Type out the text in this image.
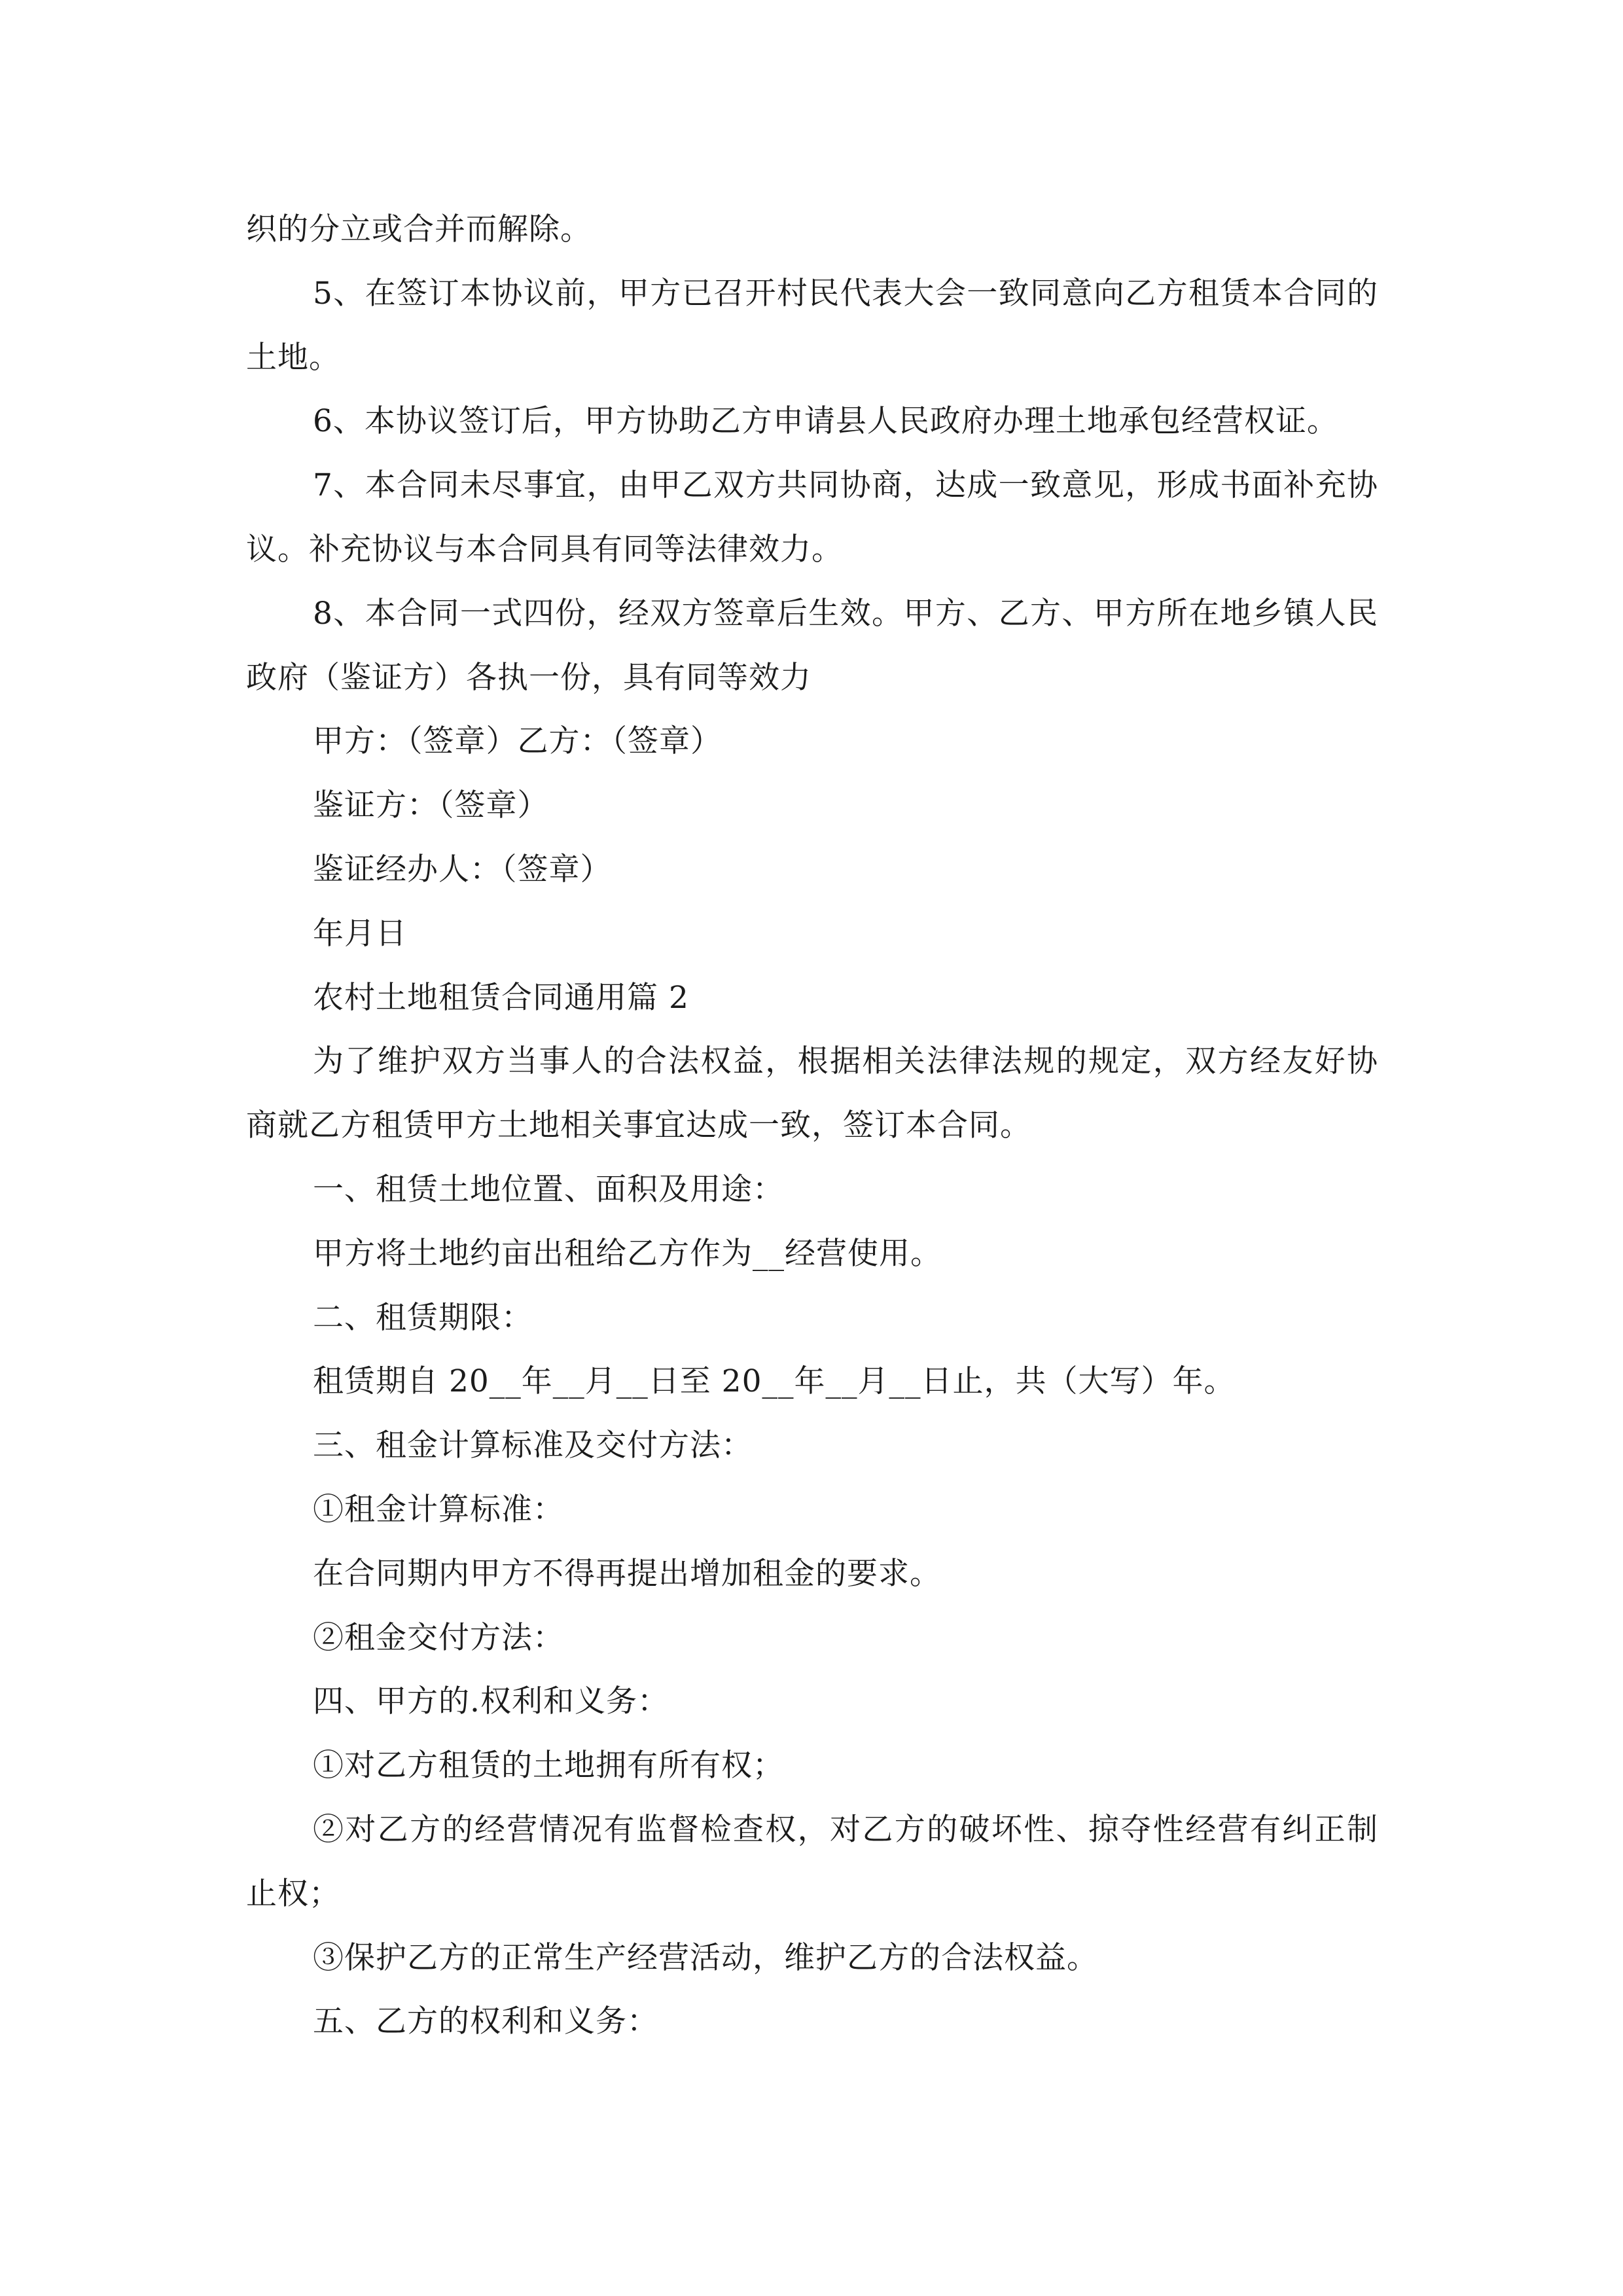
织的分立或合并而解除。

5、在签订本协议前，甲方已召开村民代表大会一致同意向乙方租赁本合同的土地。

6、本协议签订后，甲方协助乙方申请县人民政府办理土地承包经营权证。

7、本合同未尽事宜，由甲乙双方共同协商，达成一致意见，形成书面补充协议。补充协议与本合同具有同等法律效力。

8、本合同一式四份，经双方签章后生效。甲方、乙方、甲方所在地乡镇人民政府（鉴证方）各执一份，具有同等效力

甲方：（签章）乙方：（签章）

鉴证方：（签章）

鉴证经办人：（签章）

年月日

农村土地租赁合同通用篇 2

为了维护双方当事人的合法权益，根据相关法律法规的规定，双方经友好协商就乙方租赁甲方土地相关事宜达成一致，签订本合同。

一、租赁土地位置、面积及用途：

甲方将土地约亩出租给乙方作为__经营使用。

二、租赁期限：

租赁期自 20__年__月__日至 20__年__月__日止，共（大写）年。

三、租金计算标准及交付方法：

①租金计算标准：

在合同期内甲方不得再提出增加租金的要求。

②租金交付方法：

四、甲方的.权利和义务：

①对乙方租赁的土地拥有所有权；

②对乙方的经营情况有监督检查权，对乙方的破坏性、掠夺性经营有纠正制止权；

③保护乙方的正常生产经营活动，维护乙方的合法权益。

五、乙方的权利和义务：
